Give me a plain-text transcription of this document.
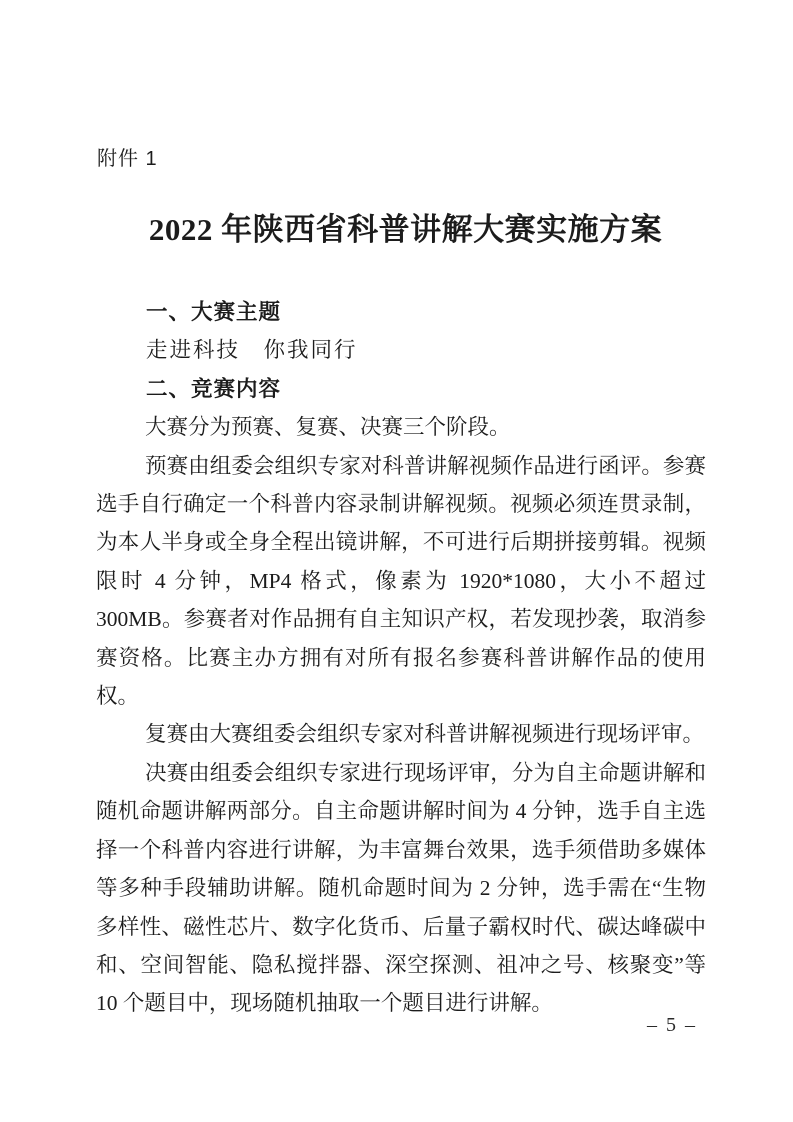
附件 1
2022 年陕西省科普讲解大赛实施方案

一、大赛主题

走进科技　你我同行

二、竞赛内容

大赛分为预赛、复赛、决赛三个阶段。

预赛由组委会组织专家对科普讲解视频作品进行函评。参赛选手自行确定一个科普内容录制讲解视频。视频必须连贯录制，为本人半身或全身全程出镜讲解，不可进行后期拼接剪辑。视频限时 4 分钟，MP4 格式，像素为 1920*1080，大小不超过 300MB。参赛者对作品拥有自主知识产权，若发现抄袭，取消参赛资格。比赛主办方拥有对所有报名参赛科普讲解作品的使用权。

复赛由大赛组委会组织专家对科普讲解视频进行现场评审。

决赛由组委会组织专家进行现场评审，分为自主命题讲解和随机命题讲解两部分。自主命题讲解时间为 4 分钟，选手自主选择一个科普内容进行讲解，为丰富舞台效果，选手须借助多媒体等多种手段辅助讲解。随机命题时间为 2 分钟，选手需在“生物多样性、磁性芯片、数字化货币、后量子霸权时代、碳达峰碳中和、空间智能、隐私搅拌器、深空探测、祖冲之号、核聚变”等 10 个题目中，现场随机抽取一个题目进行讲解。

– 5 –
